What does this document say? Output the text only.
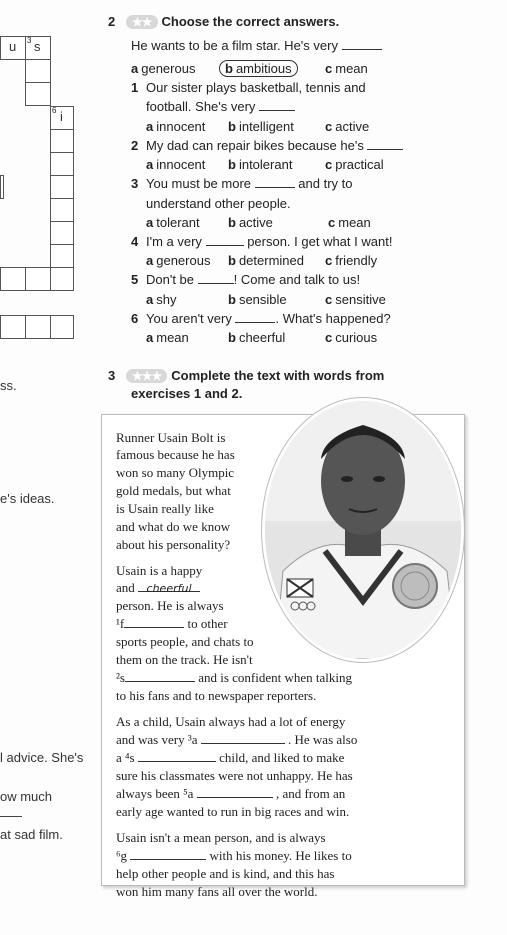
u 3 s
6 i
ss.
e's ideas.
l advice. She's
ow much
at sad film.
2 ★★ Choose the correct answers.
He wants to be a film star. He's very
a generous	b ambitious	c mean
1 Our sister plays basketball, tennis and
football. She's very
a innocent b intelligent c active
2 My dad can repair bikes because he's
a innocent b intolerant	c practical
3 You must be more	and try to
understand other people.
a tolerant b active	c mean
4 I'm a very	person. I get what I want!
a generous b determined c friendly
5 Don't be	! Come and talk to us!
a shy	b sensible	c sensitive
6 You aren't very	. What's happened?
a mean	b cheerful	c curious
3 ★★★ Complete the text with words from
exercises 1 and 2.
Runner Usain Bolt is
famous because he has
won so many Olympic
gold medals, but what
is Usain really like
and what do we know
about his personality?
Usain is a happy
and cheerful
person. He is always
¹f	to other
sports people, and chats to
them on the track. He isn't
²s	and is confident when talking
to his fans and to newspaper reporters.
As a child, Usain always had a lot of energy
and was very ³a	. He was also
a ⁴s	child, and liked to make
sure his classmates were not unhappy. He has
always been ⁵a	, and from an
early age wanted to run in big races and win.
Usain isn't a mean person, and is always
⁶g	with his money. He likes to
help other people and is kind, and this has
won him many fans all over the world.
